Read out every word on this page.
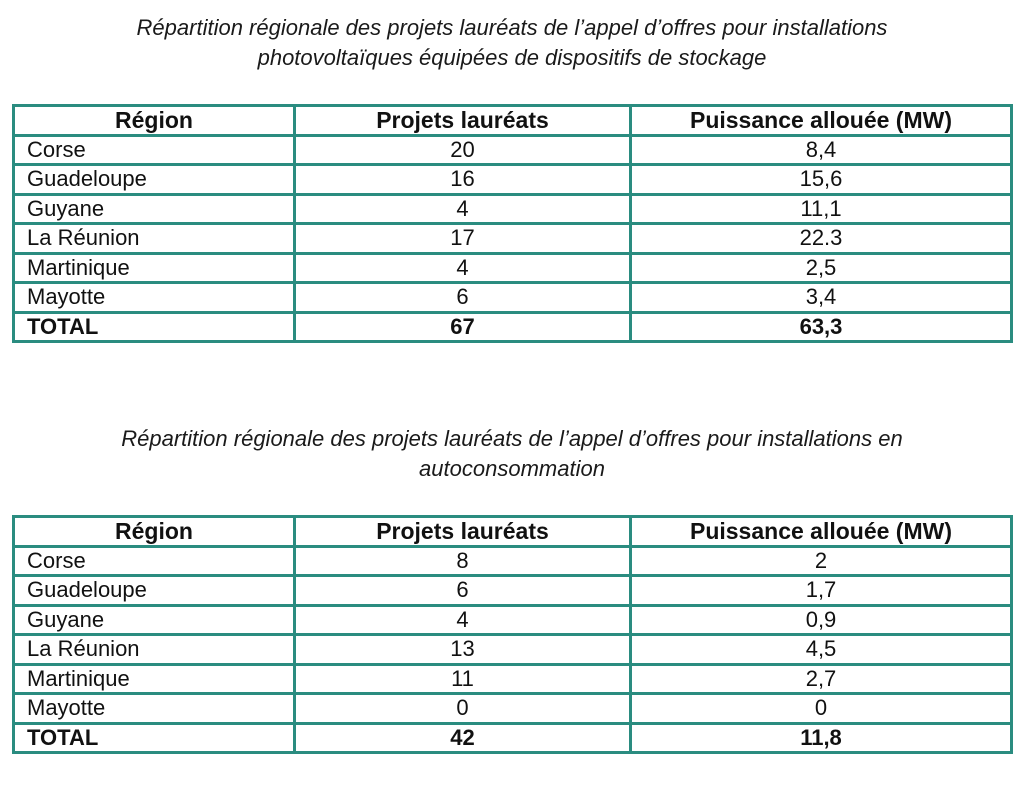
Répartition régionale des projets lauréats de l’appel d’offres pour installations
photovoltaïques équipées de dispositifs de stockage
Région	Projets lauréats	Puissance allouée (MW)
Corse	20	8,4
Guadeloupe	16	15,6
Guyane	4	11,1
La Réunion	17	22.3
Martinique	4	2,5
Mayotte	6	3,4
TOTAL	67	63,3
Répartition régionale des projets lauréats de l’appel d’offres pour installations en
autoconsommation
Région	Projets lauréats	Puissance allouée (MW)
Corse	8	2
Guadeloupe	6	1,7
Guyane	4	0,9
La Réunion	13	4,5
Martinique	11	2,7
Mayotte	0	0
TOTAL	42	11,8
